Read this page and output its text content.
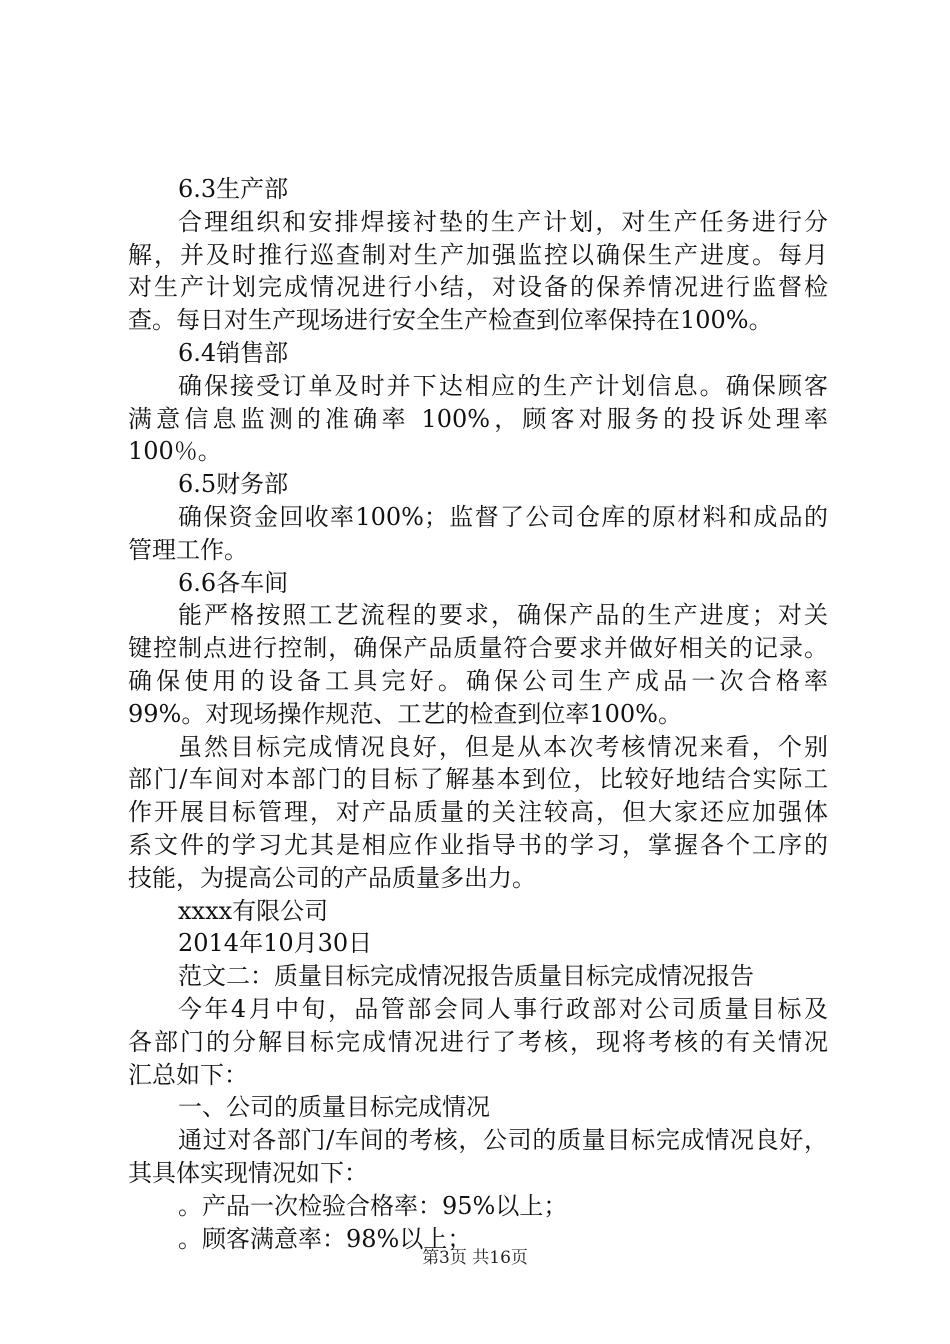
6.3生产部
合理组织和安排焊接衬垫的生产计划，对生产任务进行分
解，并及时推行巡查制对生产加强监控以确保生产进度。每月
对生产计划完成情况进行小结，对设备的保养情况进行监督检
查。每日对生产现场进行安全生产检查到位率保持在100%。
6.4销售部
确保接受订单及时并下达相应的生产计划信息。确保顾客
满意信息监测的准确率 100%，顾客对服务的投诉处理率
100％。
6.5财务部
确保资金回收率100%；监督了公司仓库的原材料和成品的
管理工作。
6.6各车间
能严格按照工艺流程的要求，确保产品的生产进度；对关
键控制点进行控制，确保产品质量符合要求并做好相关的记录。
确保使用的设备工具完好。确保公司生产成品一次合格率
99%。对现场操作规范、工艺的检查到位率100%。
虽然目标完成情况良好，但是从本次考核情况来看，个别
部门/车间对本部门的目标了解基本到位，比较好地结合实际工
作开展目标管理，对产品质量的关注较高，但大家还应加强体
系文件的学习尤其是相应作业指导书的学习，掌握各个工序的
技能，为提高公司的产品质量多出力。
xxxx有限公司
2014年10月30日
范文二：质量目标完成情况报告质量目标完成情况报告
今年4月中旬，品管部会同人事行政部对公司质量目标及
各部门的分解目标完成情况进行了考核，现将考核的有关情况
汇总如下：
一、公司的质量目标完成情况
通过对各部门/车间的考核，公司的质量目标完成情况良好，
其具体实现情况如下：
。产品一次检验合格率：95%以上；
。顾客满意率：98%以上；
第3页 共16页
